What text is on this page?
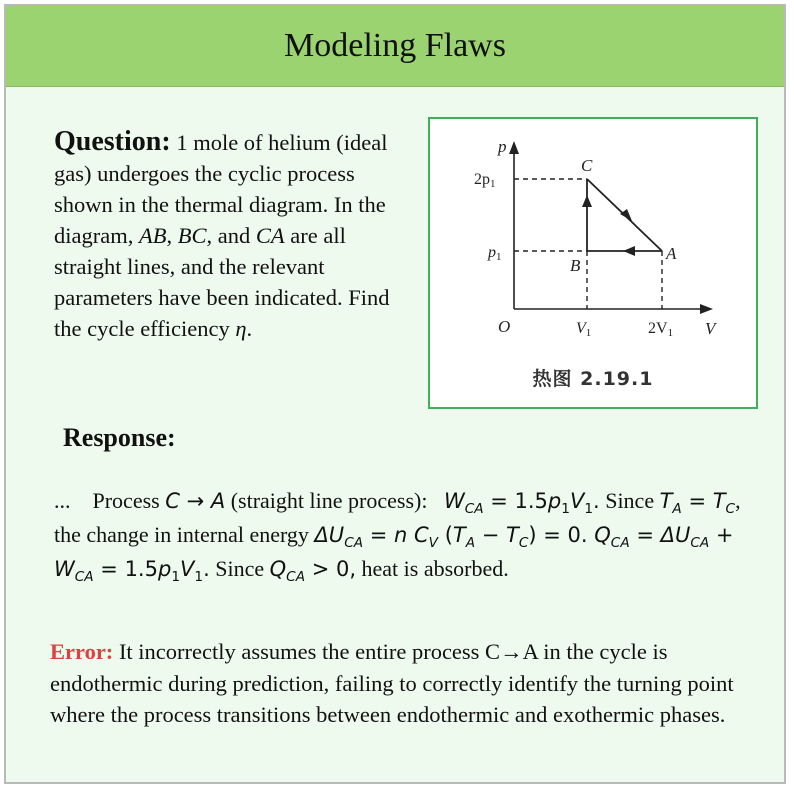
Modeling Flaws
Question: 1 mole of helium (ideal gas) undergoes the cyclic process shown in the thermal diagram. In the diagram, AB, BC, and CA are all straight lines, and the relevant parameters have been indicated. Find the cycle efficiency η.
p
V
O
2p1
p1
V1	2V1
C
A
B
热图 2.19.1
Response:
... Process C → A (straight line process):   $W_{CA} = 1.5p_1V_1$. Since $T_A = T_C$, the change in internal energy $\Delta U_{CA} = n$ $C_V$ $(T_A - T_C) = 0$. $Q_{CA} = \Delta U_{CA} + W_{CA} = 1.5p_1V_1$. Since $Q_{CA} > 0$, heat is absorbed.
Error: It incorrectly assumes the entire process C→A in the cycle is endothermic during prediction, failing to correctly identify the turning point where the process transitions between endothermic and exothermic phases.
